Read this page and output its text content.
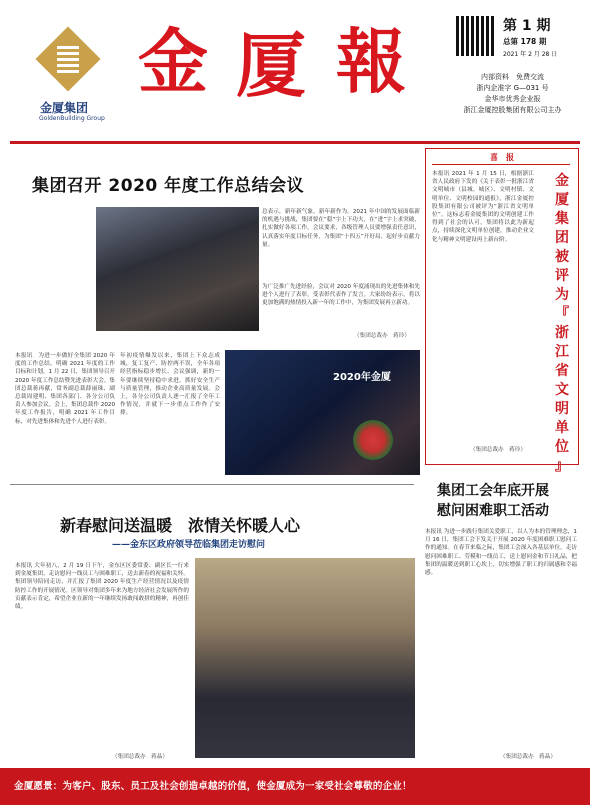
金厦集团
GoldenBuilding Group
金 厦 報	第 1 期
总第 178 期
2021 年 2 月 28 日
内部资料　免费交流
浙内企准字 G—031 号
金华市优秀企业报
浙江金厦控股集团有限公司主办
集团召开 2020 年度工作总结会议
总表示，新年新气象，新年新作为。2021 年中国的发展面临新的机遇与挑战，集团要在“稳”字上下功夫，在“进”字上求突破，扎实做好各项工作。会议要求，各级管理人员要增强责任意识，认真落实年度目标任务，为集团“十四五”开好局、起好步贡献力量。
为广泛推广先进经验，会议对 2020 年度涌现出的先进集体和先进个人进行了表彰，受表彰代表作了发言。大家纷纷表示，将以更加饱满的热情投入新一年的工作中，为集团发展再立新功。
（集团总裁办　蒋玲）
本报讯　为进一步做好全集团 2020 年度的工作总结，明确 2021 年度的工作目标和计划，1 月 22 日，集团领导召开 2020 年度工作总结暨先进表彰大会。集团总裁蒋再献、常务副总裁薛丽珠、副总裁周建明、集团各部门、各分公司负责人参加会议。会上，集团总裁作 2020 年度工作报告，明确 2021 年工作目标，对先进集体和先进个人进行表彰。
年初疫情爆发以来，集团上下众志成城，复工复产、防控两不误，全年各项经营指标稳步增长。会议强调，新的一年要继续坚持稳中求进，抓好安全生产与质量管理，推动企业高质量发展。会上，各分公司负责人逐一汇报了全年工作情况，并就下一步重点工作作了安排。
2020年金厦
喜　报
本报讯 2021 年 1 月 15 日，根据浙江省人民政府下发的《关于表彰一批浙江省文明城市（县城、城区）、文明村镇、文明单位、文明校园的通报》，浙江金厦控股集团有限公司被评为“浙江省文明单位”。这标志着金厦集团的文明创建工作得到了社会的认可。集团将以此为新起点，持续深化文明单位创建，推动企业文化与精神文明建设再上新台阶。
金厦集团被评为『浙江省文明单位』
（集团总裁办　蒋玲）
新春慰问送温暖　浓情关怀暖人心
——金东区政府领导莅临集团走访慰问
本报讯 大年初八，2 月 19 日下午，金东区区委常委、副区长一行来到金厦集团，走访慰问一线员工与困难职工，送去新春的祝福和关怀。集团领导陪同走访，并汇报了集团 2020 年度生产经营情况以及疫情防控工作的开展情况。区领导对集团多年来为地方经济社会发展所作的贡献表示肯定，希望企业在新的一年继续发扬敢闯敢拼的精神，再创佳绩。
（集团总裁办　蒋晶）
集团工会年底开展
慰问困难职工活动
本报讯 为进一步践行集团关爱职工，以人为本的管理理念，1 月 16 日，集团工会下发关于开展 2020 年度困难职工慰问工作的通知。在春节来临之际，集团工会深入各基层单位，走访慰问困难职工、劳模和一线员工，送上慰问金和节日礼品，把集团的温暖送到职工心坎上，切实增强了职工的归属感和幸福感。
（集团总裁办　蒋晶）
金厦愿景：为客户、股东、员工及社会创造卓越的价值，使金厦成为一家受社会尊敬的企业！
